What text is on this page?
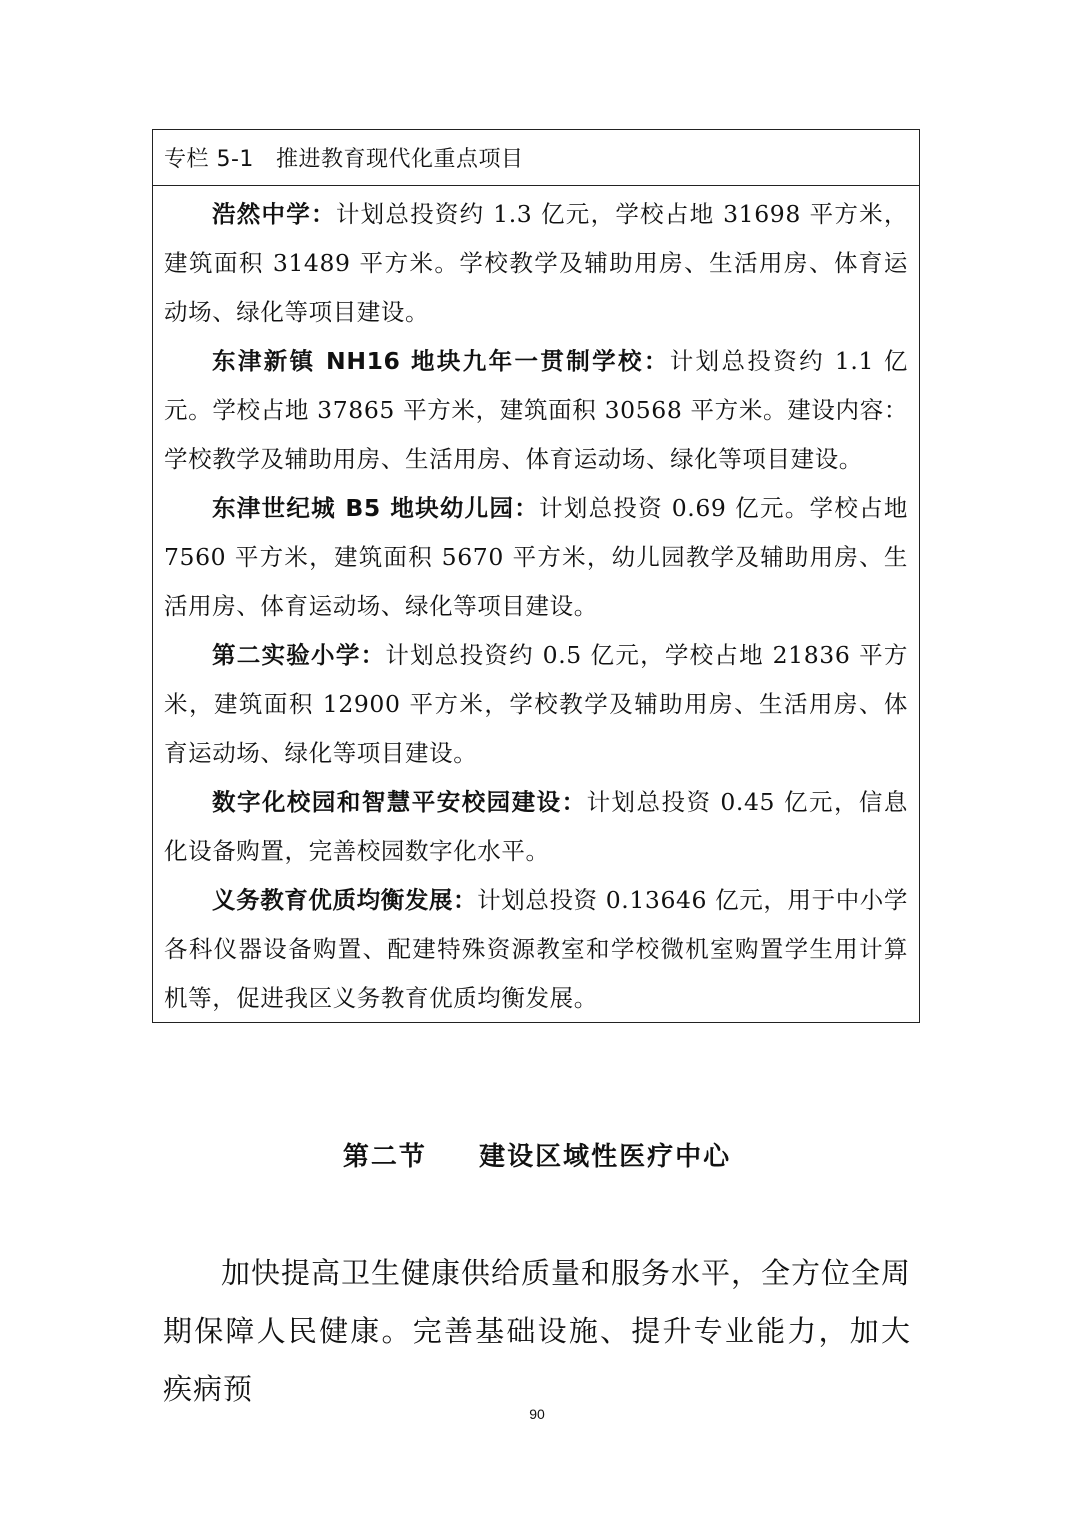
专栏 5-1 推进教育现代化重点项目

浩然中学：计划总投资约 1.3 亿元，学校占地 31698 平方米，建筑面积 31489 平方米。学校教学及辅助用房、生活用房、体育运动场、绿化等项目建设。

东津新镇 NH16 地块九年一贯制学校：计划总投资约 1.1 亿元。学校占地 37865 平方米，建筑面积 30568 平方米。建设内容：学校教学及辅助用房、生活用房、体育运动场、绿化等项目建设。

东津世纪城 B5 地块幼儿园：计划总投资 0.69 亿元。学校占地 7560 平方米，建筑面积 5670 平方米，幼儿园教学及辅助用房、生活用房、体育运动场、绿化等项目建设。

第二实验小学：计划总投资约 0.5 亿元，学校占地 21836 平方米，建筑面积 12900 平方米，学校教学及辅助用房、生活用房、体育运动场、绿化等项目建设。

数字化校园和智慧平安校园建设：计划总投资 0.45 亿元，信息化设备购置，完善校园数字化水平。

义务教育优质均衡发展：计划总投资 0.13646 亿元，用于中小学各科仪器设备购置、配建特殊资源教室和学校微机室购置学生用计算机等，促进我区义务教育优质均衡发展。

第二节 建设区域性医疗中心

加快提高卫生健康供给质量和服务水平，全方位全周期保障人民健康。完善基础设施、提升专业能力，加大疾病预

90
